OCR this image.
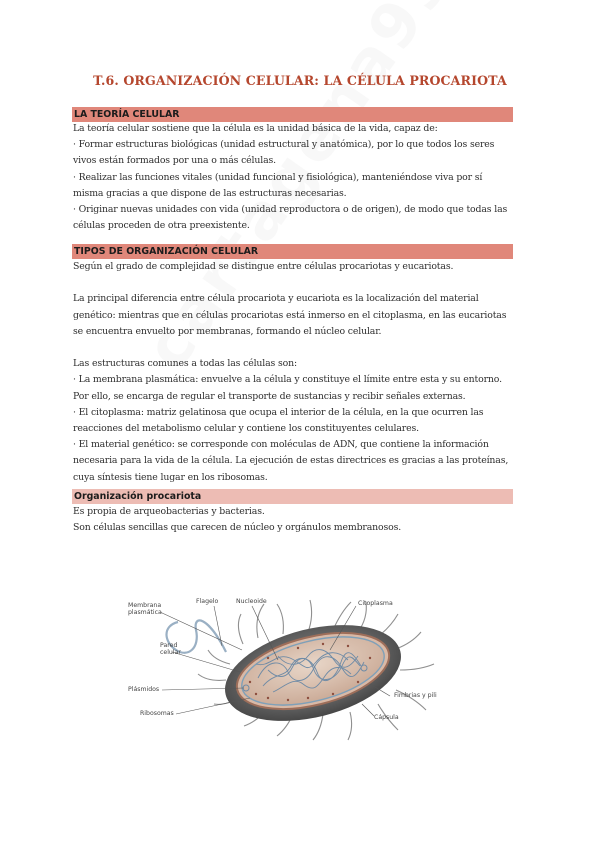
T.6. ORGANIZACIÓN CELULAR: LA CÉLULA PROCARIOTA
LA TEORÍA CELULAR

La teoría celular sostiene que la célula es la unidad básica de la vida, capaz de:

· Formar estructuras biológicas (unidad estructural y anatómica), por lo que todos los seres

vivos están formados por una o más células.

· Realizar las funciones vitales (unidad funcional y fisiológica), manteniéndose viva por sí

misma gracias a que dispone de las estructuras necesarias.

· Originar nuevas unidades con vida (unidad reproductora o de origen), de modo que todas las

células proceden de otra preexistente.

TIPOS DE ORGANIZACIÓN CELULAR

Según el grado de complejidad se distingue entre células procariotas y eucariotas.

La principal diferencia entre célula procariota y eucariota es la localización del material

genético: mientras que en células procariotas está inmerso en el citoplasma, en las eucariotas

se encuentra envuelto por membranas, formando el núcleo celular.

Las estructuras comunes a todas las células son:

· La membrana plasmática: envuelve a la célula y constituye el límite entre esta y su entorno.

Por ello, se encarga de regular el transporte de sustancias y recibir señales externas.

· El citoplasma: matriz gelatinosa que ocupa el interior de la célula, en la que ocurren las

reacciones del metabolismo celular y contiene los constituyentes celulares.

· El material genético: se corresponde con moléculas de ADN, que contiene la información

necesaria para la vida de la célula. La ejecución de estas directrices es gracias a las proteínas,

cuya síntesis tiene lugar en los ribosomas.

Organización procariota

Es propia de arqueobacterias y bacterias.

Son células sencillas que carecen de núcleo y orgánulos membranosos.

Membrana
plasmática
Flagelo	Nucleoide	Citoplasma
Pared
celular
Plásmidos
Ribosomas
Fimbrias y pili
Cápsula
